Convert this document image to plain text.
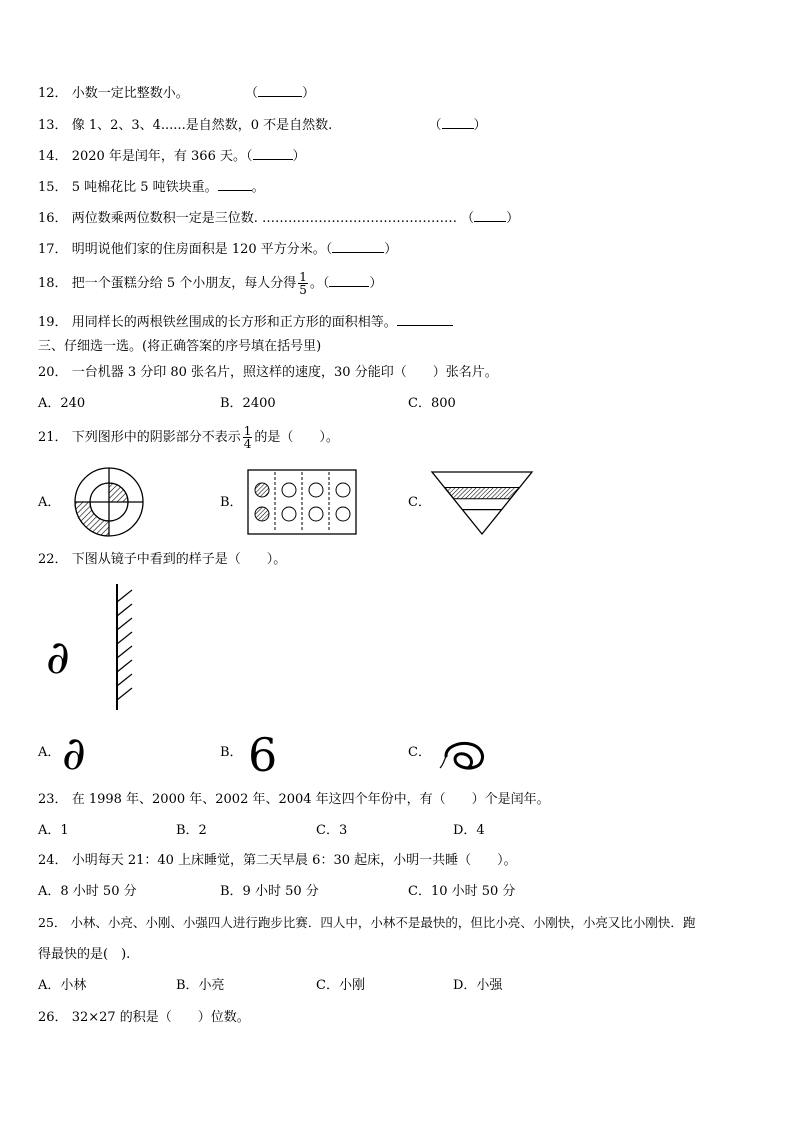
12． 小数一定比整数小。	（	）
13． 像 1、2、3、4......是自然数，0 不是自然数.	（ ）
14． 2020 年是闰年，有 366 天。（	）
15． 5 吨棉花比 5 吨铁块重。	。
16． 两位数乘两位数积一定是三位数. ……………………………………… （ ）
17． 明明说他们家的住房面积是 120 平方分米。（	）
18． 把一个蛋糕分给 5 个小朋友，每人分得 $\frac{1}{5}$ 。（	）
19． 用同样长的两根铁丝围成的长方形和正方形的面积相等。
三、仔细选一选。(将正确答案的序号填在括号里)
20． 一台机器 3 分印 80 张名片，照这样的速度，30 分能印（　　）张名片。
A．240	B．2400	C．800
21． 下列图形中的阴影部分不表示 $\frac{1}{4}$ 的是（　　）。
A．	B．	C．
22． 下图从镜子中看到的样子是（　　）。
∂
A． ∂	B． 6	C．
23． 在 1998 年、2000 年、2002 年、2004 年这四个年份中，有（　　）个是闰年。
A．1	B．2	C．3	D．4
24． 小明每天 21：40 上床睡觉，第二天早晨 6：30 起床，小明一共睡（　　）。
A．8 小时 50 分	B．9 小时 50 分	C．10 小时 50 分
25． 小林、小亮、小刚、小强四人进行跑步比赛．四人中，小林不是最快的，但比小亮、小刚快，小亮又比小刚快．跑
得最快的是(　).
A．小林	B．小亮	C．小刚	D．小强
26． 32×27 的积是（　　）位数。
